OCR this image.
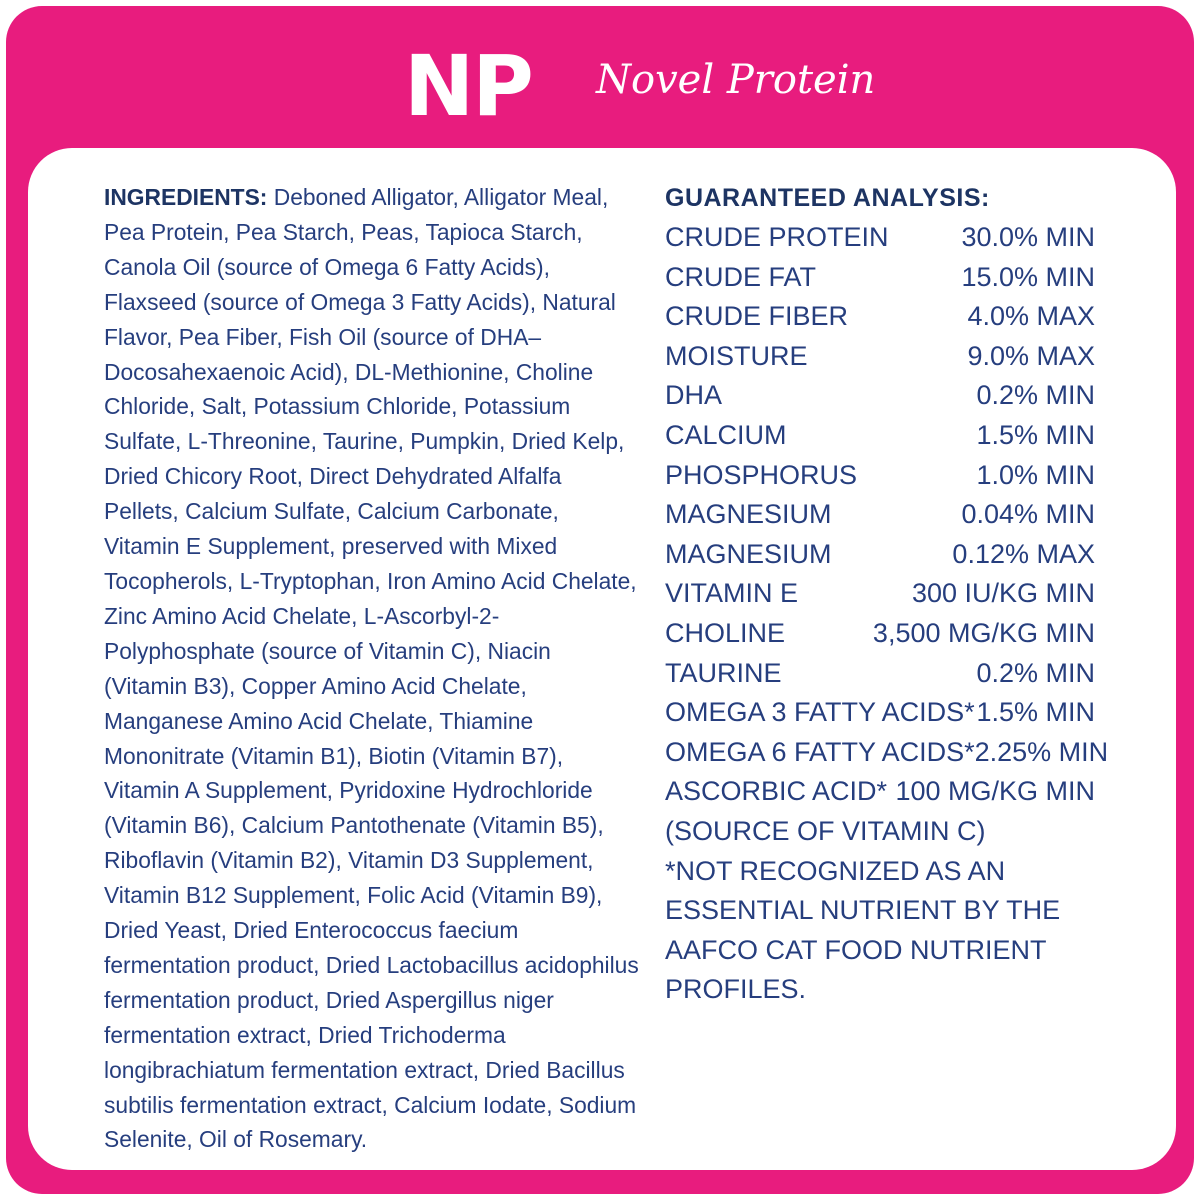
NP Novel Protein
INGREDIENTS: Deboned Alligator, Alligator Meal, Pea Protein, Pea Starch, Peas, Tapioca Starch, Canola Oil (source of Omega 6 Fatty Acids), Flaxseed (source of Omega 3 Fatty Acids), Natural Flavor, Pea Fiber, Fish Oil (source of DHA–Docosahexaenoic Acid), DL-Methionine, Choline Chloride, Salt, Potassium Chloride, Potassium Sulfate, L-Threonine, Taurine, Pumpkin, Dried Kelp, Dried Chicory Root, Direct Dehydrated Alfalfa Pellets, Calcium Sulfate, Calcium Carbonate, Vitamin E Supplement, preserved with Mixed Tocopherols, L-Tryptophan, Iron Amino Acid Chelate, Zinc Amino Acid Chelate, L-Ascorbyl-2-Polyphosphate (source of Vitamin C), Niacin (Vitamin B3), Copper Amino Acid Chelate, Manganese Amino Acid Chelate, Thiamine Mononitrate (Vitamin B1), Biotin (Vitamin B7), Vitamin A Supplement, Pyridoxine Hydrochloride (Vitamin B6), Calcium Pantothenate (Vitamin B5), Riboflavin (Vitamin B2), Vitamin D3 Supplement, Vitamin B12 Supplement, Folic Acid (Vitamin B9), Dried Yeast, Dried Enterococcus faecium fermentation product, Dried Lactobacillus acidophilus fermentation product, Dried Aspergillus niger fermentation extract, Dried Trichoderma longibrachiatum fermentation extract, Dried Bacillus subtilis fermentation extract, Calcium Iodate, Sodium Selenite, Oil of Rosemary.
GUARANTEED ANALYSIS:
CRUDE PROTEIN	30.0% MIN
CRUDE FAT	15.0% MIN
CRUDE FIBER	4.0% MAX
MOISTURE	9.0% MAX
DHA	0.2% MIN
CALCIUM	1.5% MIN
PHOSPHORUS	1.0% MIN
MAGNESIUM	0.04% MIN
MAGNESIUM	0.12% MAX
VITAMIN E	300 IU/KG MIN
CHOLINE	3,500 MG/KG MIN
TAURINE	0.2% MIN
OMEGA 3 FATTY ACIDS* 1.5% MIN
OMEGA 6 FATTY ACIDS* 2.25% MIN
ASCORBIC ACID* 100 MG/KG MIN
(SOURCE OF VITAMIN C)
*NOT RECOGNIZED AS AN ESSENTIAL NUTRIENT BY THE AAFCO CAT FOOD NUTRIENT PROFILES.
